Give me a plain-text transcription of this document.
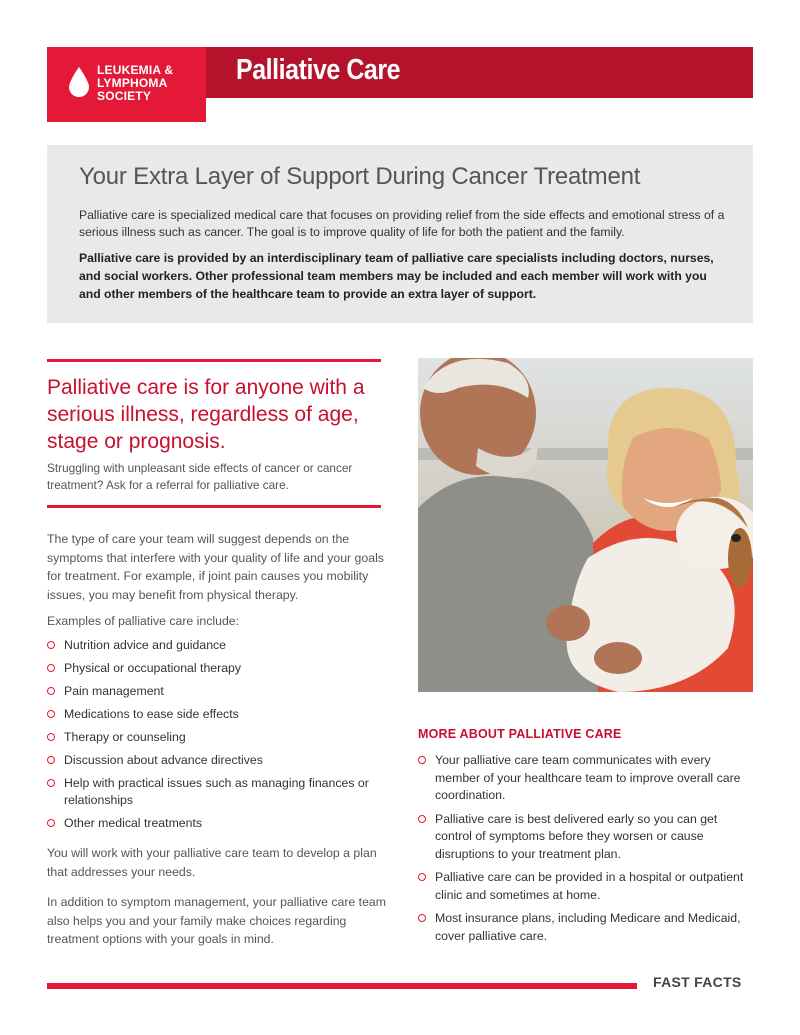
LEUKEMIA &
LYMPHOMA
SOCIETY
Palliative Care
Your Extra Layer of Support During Cancer Treatment

Palliative care is specialized medical care that focuses on providing relief from the side effects and emotional stress of a serious illness such as cancer. The goal is to improve quality of life for both the patient and the family.

Palliative care is provided by an interdisciplinary team of palliative care specialists including doctors, nurses, and social workers. Other professional team members may be included and each member will work with you and other members of the healthcare team to provide an extra layer of support.

Palliative care is for anyone with a serious illness, regardless of age, stage or prognosis.

Struggling with unpleasant side effects of cancer or cancer treatment? Ask for a referral for palliative care.

The type of care your team will suggest depends on the symptoms that interfere with your quality of life and your goals for treatment. For example, if joint pain causes you mobility issues, you may benefit from physical therapy.

Examples of palliative care include:

Nutrition advice and guidance
Physical or occupational therapy
Pain management
Medications to ease side effects
Therapy or counseling
Discussion about advance directives
Help with practical issues such as managing finances or relationships
Other medical treatments

You will work with your palliative care team to develop a plan that addresses your needs.

In addition to symptom management, your palliative care team also helps you and your family make choices regarding treatment options with your goals in mind.

MORE ABOUT PALLIATIVE CARE
Your palliative care team communicates with every member of your healthcare team to improve overall care coordination.
Palliative care is best delivered early so you can get control of symptoms before they worsen or cause disruptions to your treatment plan.
Palliative care can be provided in a hospital or outpatient clinic and sometimes at home.
Most insurance plans, including Medicare and Medicaid, cover palliative care.
FAST FACTS
